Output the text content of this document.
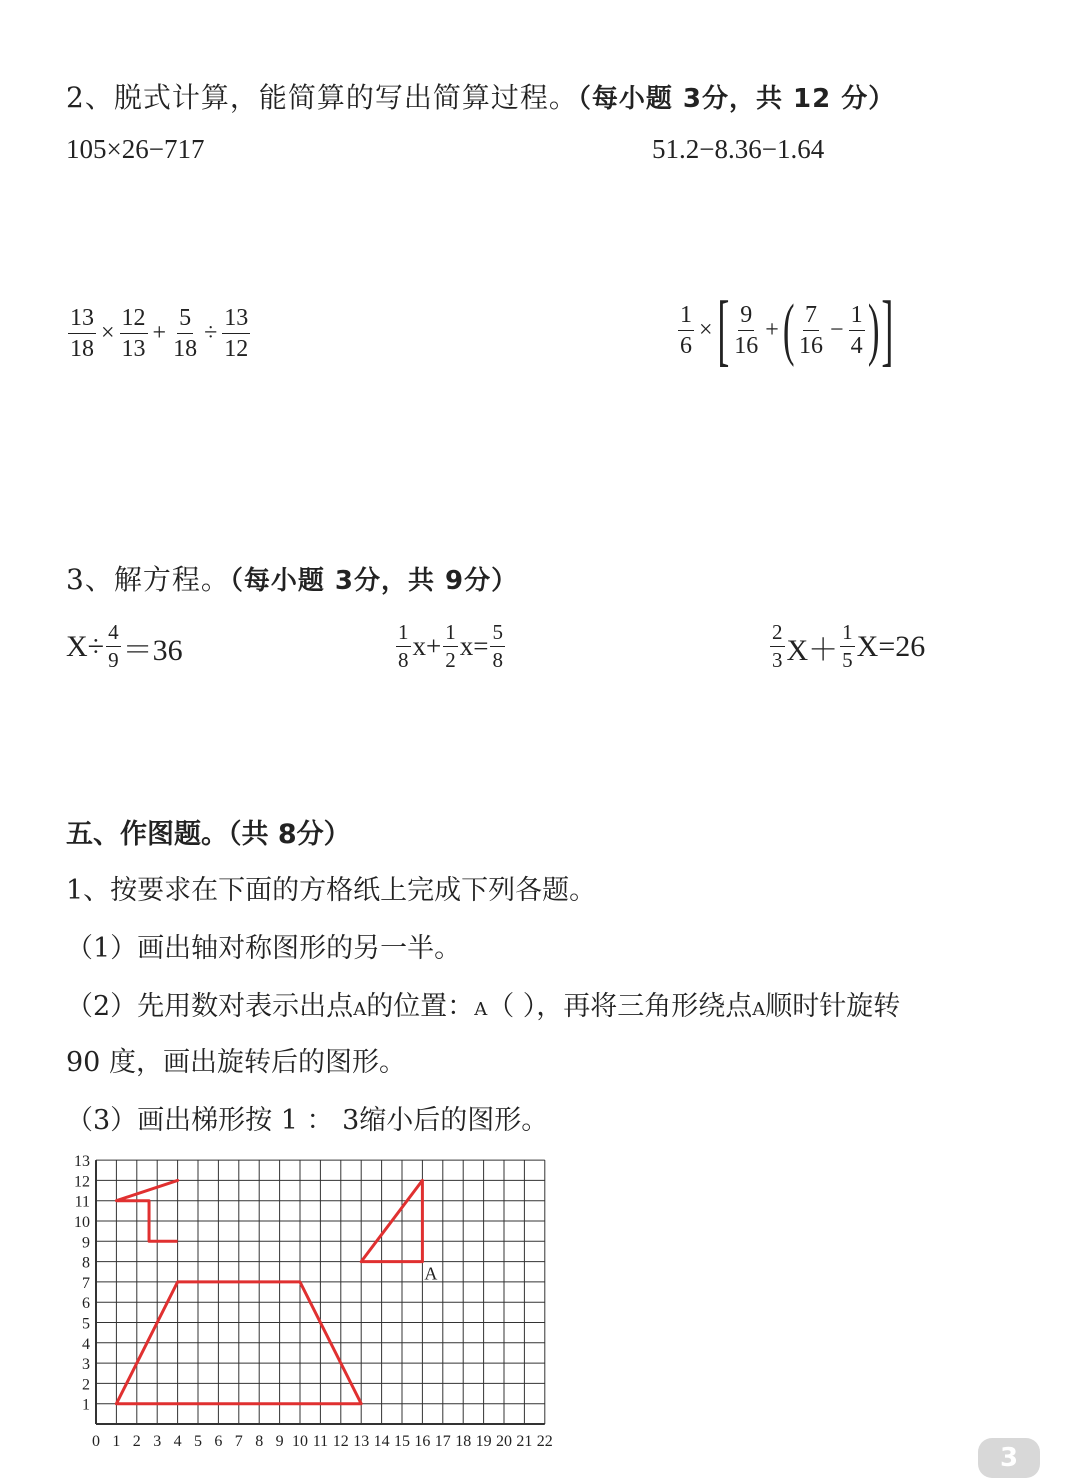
2、脱式计算，能简算的写出简算过程。（每小题 3分，共 12 分）
105×26−717	51.2−8.36−1.64
$\frac{13}{18} \times \frac{12}{13} + \frac{5}{18} \div \frac{13}{12}$	$\frac{1}{6}$ × [ $\frac{9}{16}$ + ( $\frac{7}{16} - \frac{1}{4}$ ) ]
3、解方程。（每小题 3分，共 9分）
$X\div \frac{4}{9} =36$	$\frac{1}{8} x+ \frac{1}{2} x= \frac{5}{8}$	$\frac{2}{3} X+ \frac{1}{5} X=26$
五、作图题。（共 8分）
1、按要求在下面的方格纸上完成下列各题。
（1）画出轴对称图形的另一半。
（2）先用数对表示出点A的位置：A（ ），再将三角形绕点A顺时针旋转
90 度，画出旋转后的图形。
（3）画出梯形按 1 ： 3缩小后的图形。
0 1 2 3 4 5 6 7 8 9 10 11 12 13 14 15 16 17 18 19 20 21 22
1
2
3
4
5
6
7
8
9
10
11
12
13
A
3
